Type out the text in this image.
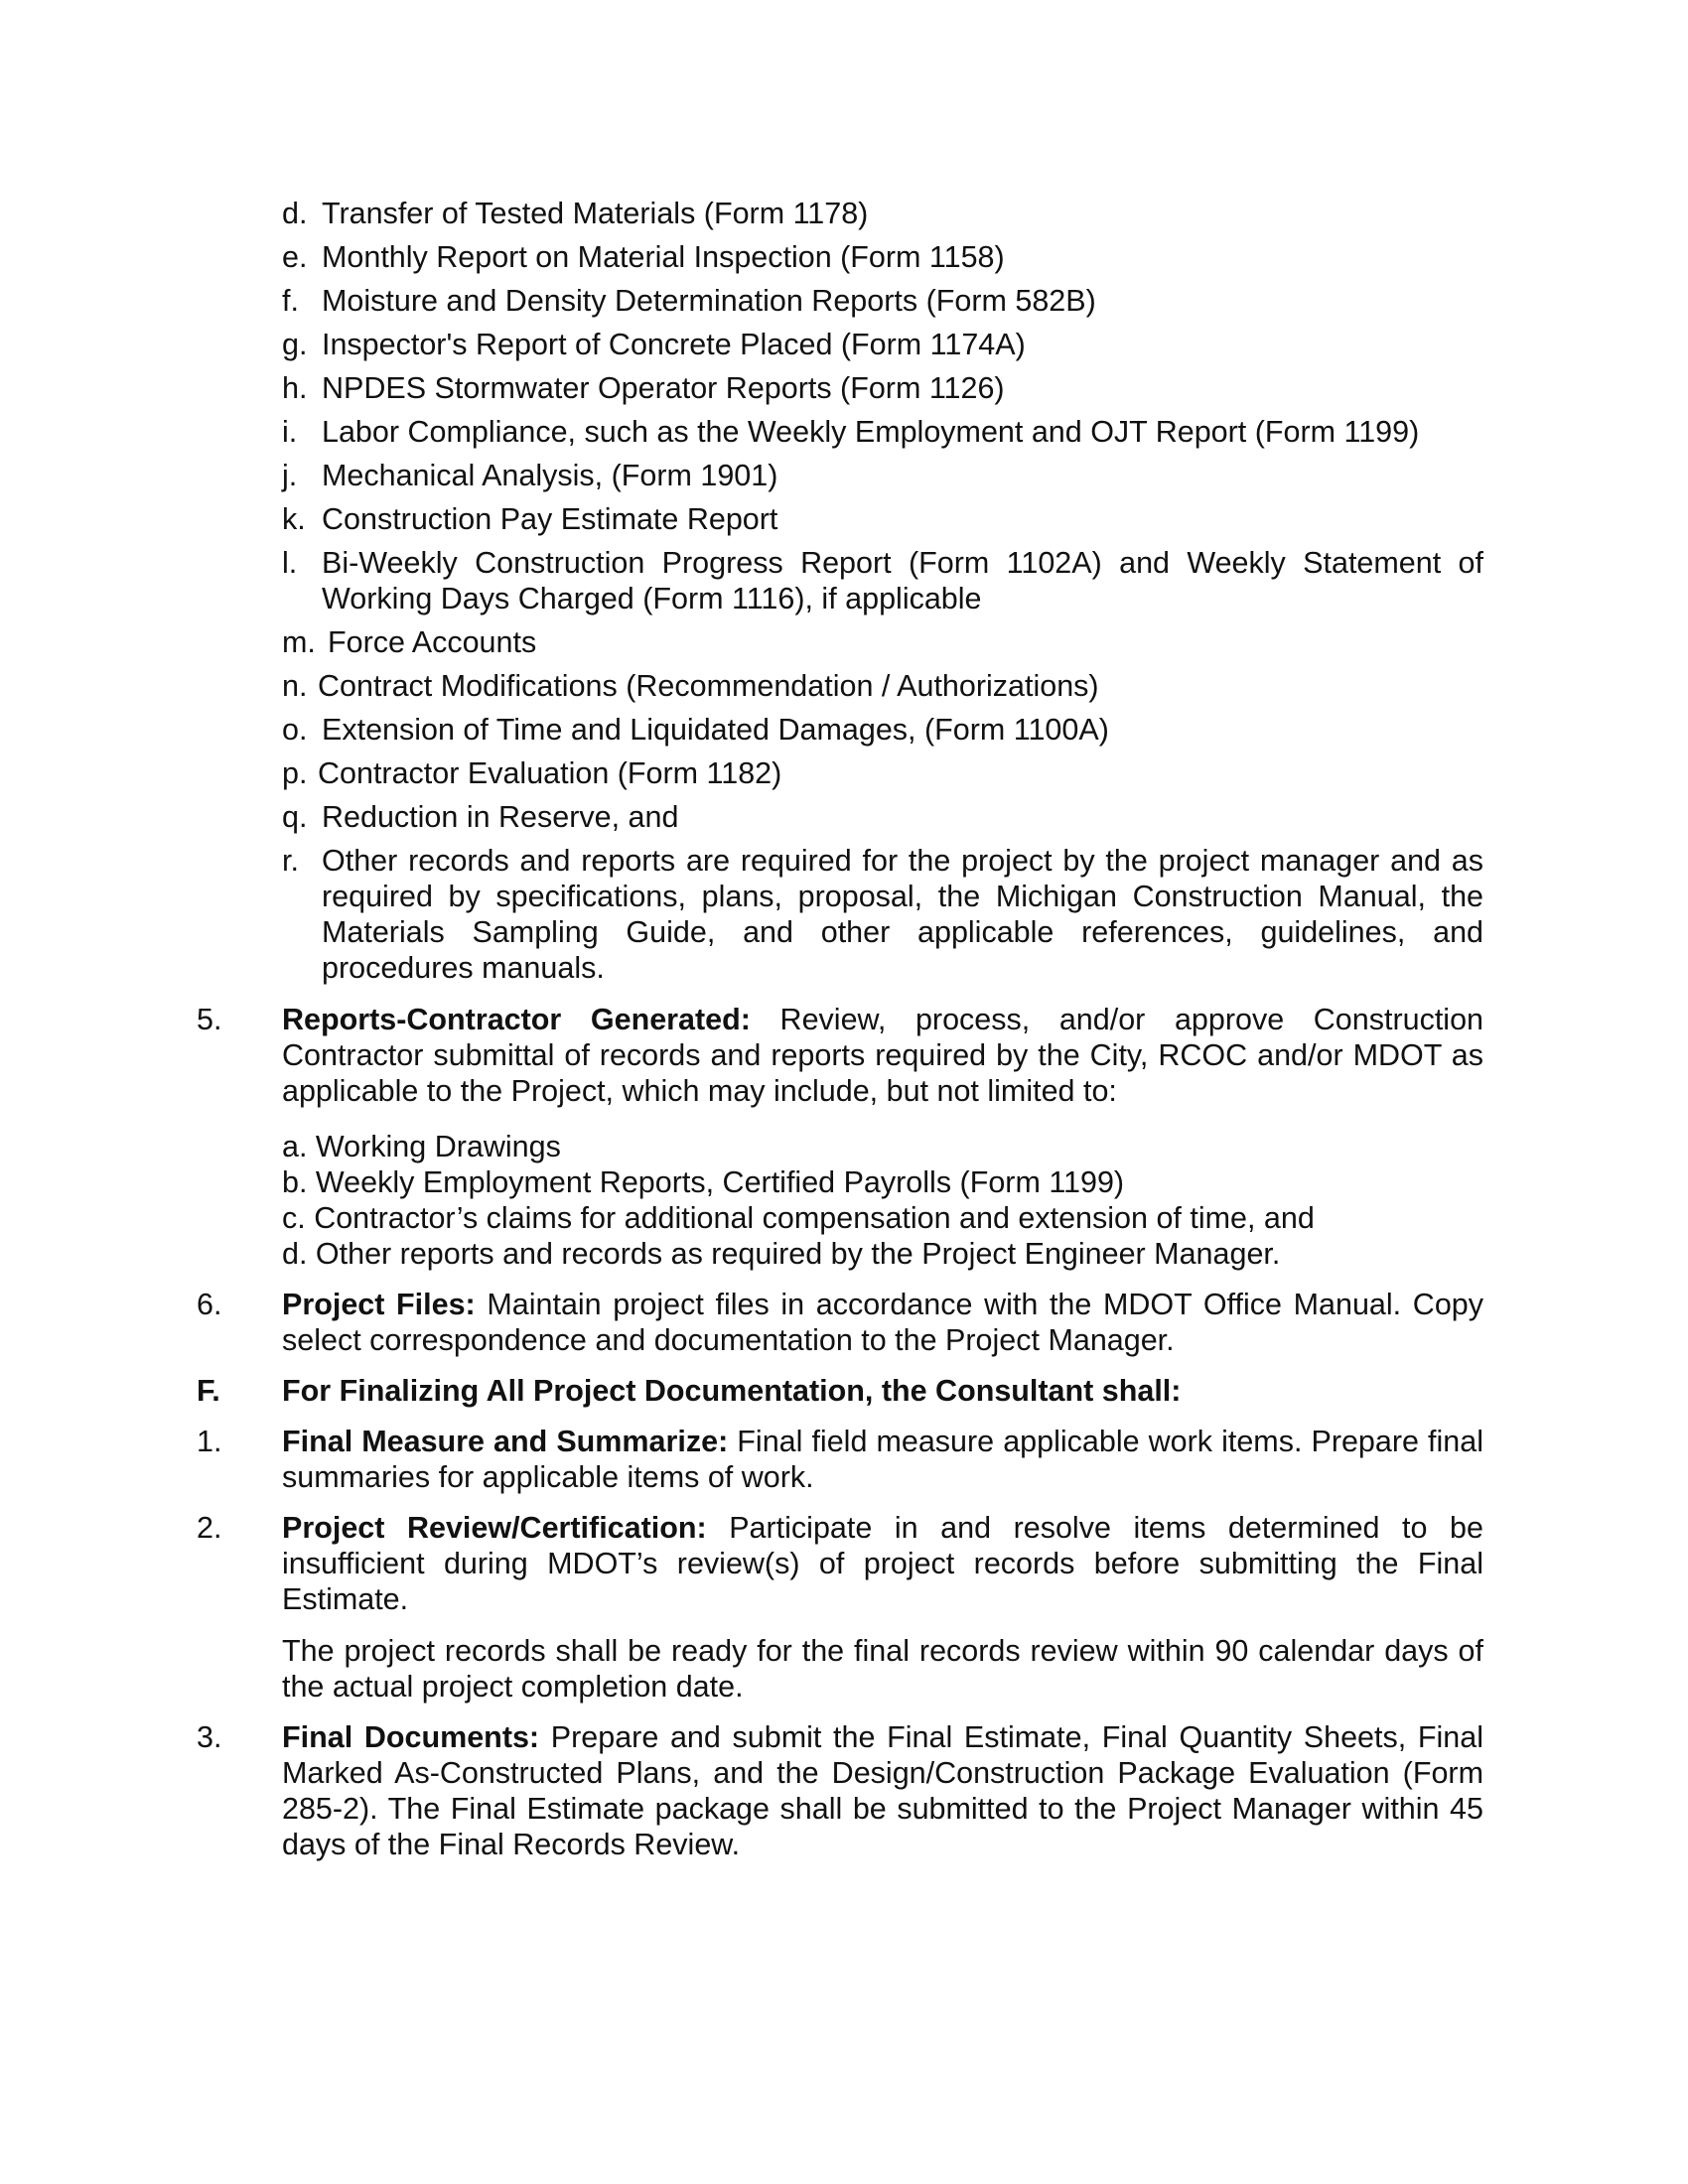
d. Transfer of Tested Materials (Form 1178)
e. Monthly Report on Material Inspection (Form 1158)
f. Moisture and Density Determination Reports (Form 582B)
g. Inspector's Report of Concrete Placed (Form 1174A)
h. NPDES Stormwater Operator Reports (Form 1126)
i. Labor Compliance, such as the Weekly Employment and OJT Report (Form 1199)
j. Mechanical Analysis, (Form 1901)
k. Construction Pay Estimate Report
l. Bi-Weekly Construction Progress Report (Form 1102A) and Weekly Statement of Working Days Charged (Form 1116), if applicable
m. Force Accounts
n. Contract Modifications (Recommendation / Authorizations)
o. Extension of Time and Liquidated Damages, (Form 1100A)
p. Contractor Evaluation (Form 1182)
q. Reduction in Reserve, and
r. Other records and reports are required for the project by the project manager and as required by specifications, plans, proposal, the Michigan Construction Manual, the Materials Sampling Guide, and other applicable references, guidelines, and procedures manuals.
5. Reports-Contractor Generated: Review, process, and/or approve Construction Contractor submittal of records and reports required by the City, RCOC and/or MDOT as applicable to the Project, which may include, but not limited to:
a. Working Drawings
b. Weekly Employment Reports, Certified Payrolls (Form 1199)
c. Contractor’s claims for additional compensation and extension of time, and
d. Other reports and records as required by the Project Engineer Manager.
6. Project Files: Maintain project files in accordance with the MDOT Office Manual. Copy select correspondence and documentation to the Project Manager.
F. For Finalizing All Project Documentation, the Consultant shall:
1. Final Measure and Summarize: Final field measure applicable work items. Prepare final summaries for applicable items of work.
2. Project Review/Certification: Participate in and resolve items determined to be insufficient during MDOT’s review(s) of project records before submitting the Final Estimate.
The project records shall be ready for the final records review within 90 calendar days of the actual project completion date.
3. Final Documents: Prepare and submit the Final Estimate, Final Quantity Sheets, Final Marked As-Constructed Plans, and the Design/Construction Package Evaluation (Form 285-2). The Final Estimate package shall be submitted to the Project Manager within 45 days of the Final Records Review.
